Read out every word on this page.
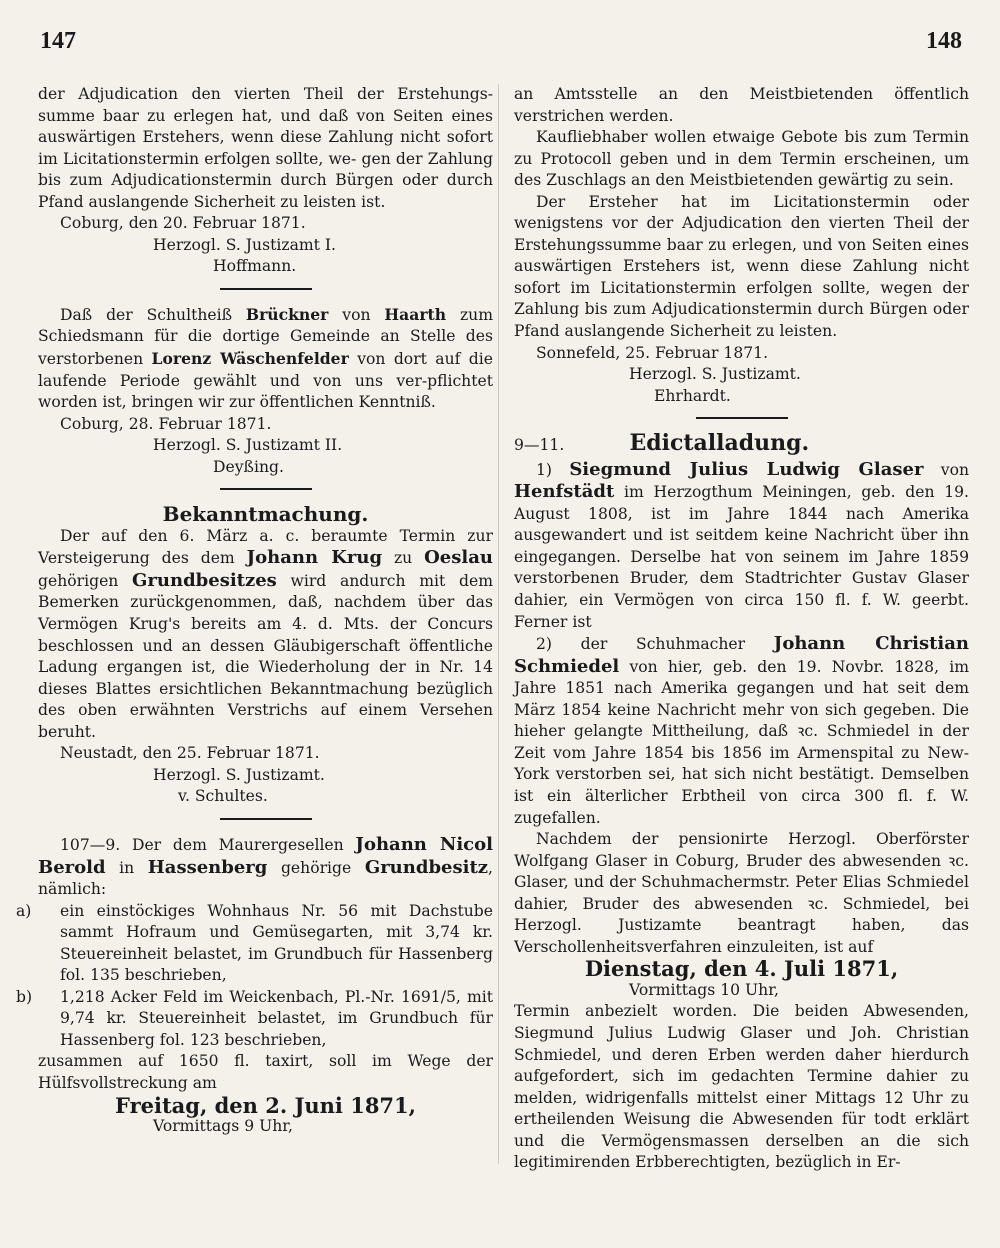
147	148

der Adjudication den vierten Theil der Erstehungs- summe baar zu erlegen hat, und daß von Seiten eines auswärtigen Erstehers, wenn diese Zahlung nicht sofort im Licitationstermin erfolgen sollte, we- gen der Zahlung bis zum Adjudicationstermin durch Bürgen oder durch Pfand auslangende Sicherheit zu leisten ist.

Coburg, den 20. Februar 1871.

Herzogl. S. Justizamt I.

Hoffmann.

Daß der Schultheiß Brückner von Haarth zum Schiedsmann für die dortige Gemeinde an Stelle des verstorbenen Lorenz Wäschenfelder von dort auf die laufende Periode gewählt und von uns ver-pflichtet worden ist, bringen wir zur öffentlichen Kenntniß.

Coburg, 28. Februar 1871.

Herzogl. S. Justizamt II.

Deyßing.

Bekanntmachung.

Der auf den 6. März a. c. beraumte Termin zur Versteigerung des dem Johann Krug zu Oeslau gehörigen Grundbesitzes wird andurch mit dem Bemerken zurückgenommen, daß, nachdem über das Vermögen Krug's bereits am 4. d. Mts. der Concurs beschlossen und an dessen Gläubigerschaft öffentliche Ladung ergangen ist, die Wiederholung der in Nr. 14 dieses Blattes ersichtlichen Bekanntmachung bezüglich des oben erwähnten Verstrichs auf einem Versehen beruht.

Neustadt, den 25. Februar 1871.

Herzogl. S. Justizamt.

v. Schultes.

107—9. Der dem Maurergesellen Johann Nicol Berold in Hassenberg gehörige Grundbesitz, nämlich:

a) ein einstöckiges Wohnhaus Nr. 56 mit Dachstube sammt Hofraum und Gemüsegarten, mit 3,74 kr. Steuereinheit belastet, im Grundbuch für Hassenberg fol. 135 beschrieben,

b) 1,218 Acker Feld im Weickenbach, Pl.-Nr. 1691/5, mit 9,74 kr. Steuereinheit belastet, im Grundbuch für Hassenberg fol. 123 beschrieben,

zusammen auf 1650 fl. taxirt, soll im Wege der Hülfsvollstreckung am

Freitag, den 2. Juni 1871,

Vormittags 9 Uhr,

an Amtsstelle an den Meistbietenden öffentlich verstrichen werden.

Kaufliebhaber wollen etwaige Gebote bis zum Termin zu Protocoll geben und in dem Termin erscheinen, um des Zuschlags an den Meistbietenden gewärtig zu sein.

Der Ersteher hat im Licitationstermin oder wenigstens vor der Adjudication den vierten Theil der Erstehungssumme baar zu erlegen, und von Seiten eines auswärtigen Erstehers ist, wenn diese Zahlung nicht sofort im Licitationstermin erfolgen sollte, wegen der Zahlung bis zum Adjudicationstermin durch Bürgen oder Pfand auslangende Sicherheit zu leisten.

Sonnefeld, 25. Februar 1871.

Herzogl. S. Justizamt.

Ehrhardt.

9—11.	Edictalladung.

1) Siegmund Julius Ludwig Glaser von Henfstädt im Herzogthum Meiningen, geb. den 19. August 1808, ist im Jahre 1844 nach Amerika ausgewandert und ist seitdem keine Nachricht über ihn eingegangen. Derselbe hat von seinem im Jahre 1859 verstorbenen Bruder, dem Stadtrichter Gustav Glaser dahier, ein Vermögen von circa 150 fl. f. W. geerbt. Ferner ist

2) der Schuhmacher Johann Christian Schmiedel von hier, geb. den 19. Novbr. 1828, im Jahre 1851 nach Amerika gegangen und hat seit dem März 1854 keine Nachricht mehr von sich gegeben. Die hieher gelangte Mittheilung, daß ꝛc. Schmiedel in der Zeit vom Jahre 1854 bis 1856 im Armenspital zu New-York verstorben sei, hat sich nicht bestätigt. Demselben ist ein älterlicher Erbtheil von circa 300 fl. f. W. zugefallen.

Nachdem der pensionirte Herzogl. Oberförster Wolfgang Glaser in Coburg, Bruder des abwesenden ꝛc. Glaser, und der Schuhmachermstr. Peter Elias Schmiedel dahier, Bruder des abwesenden ꝛc. Schmiedel, bei Herzogl. Justizamte beantragt haben, das Verschollenheitsverfahren einzuleiten, ist auf

Dienstag, den 4. Juli 1871,

Vormittags 10 Uhr,

Termin anbezielt worden. Die beiden Abwesenden, Siegmund Julius Ludwig Glaser und Joh. Christian Schmiedel, und deren Erben werden daher hierdurch aufgefordert, sich im gedachten Termine dahier zu melden, widrigenfalls mittelst einer Mittags 12 Uhr zu ertheilenden Weisung die Abwesenden für todt erklärt und die Vermögensmassen derselben an die sich legitimirenden Erbberechtigten, bezüglich in Er-
